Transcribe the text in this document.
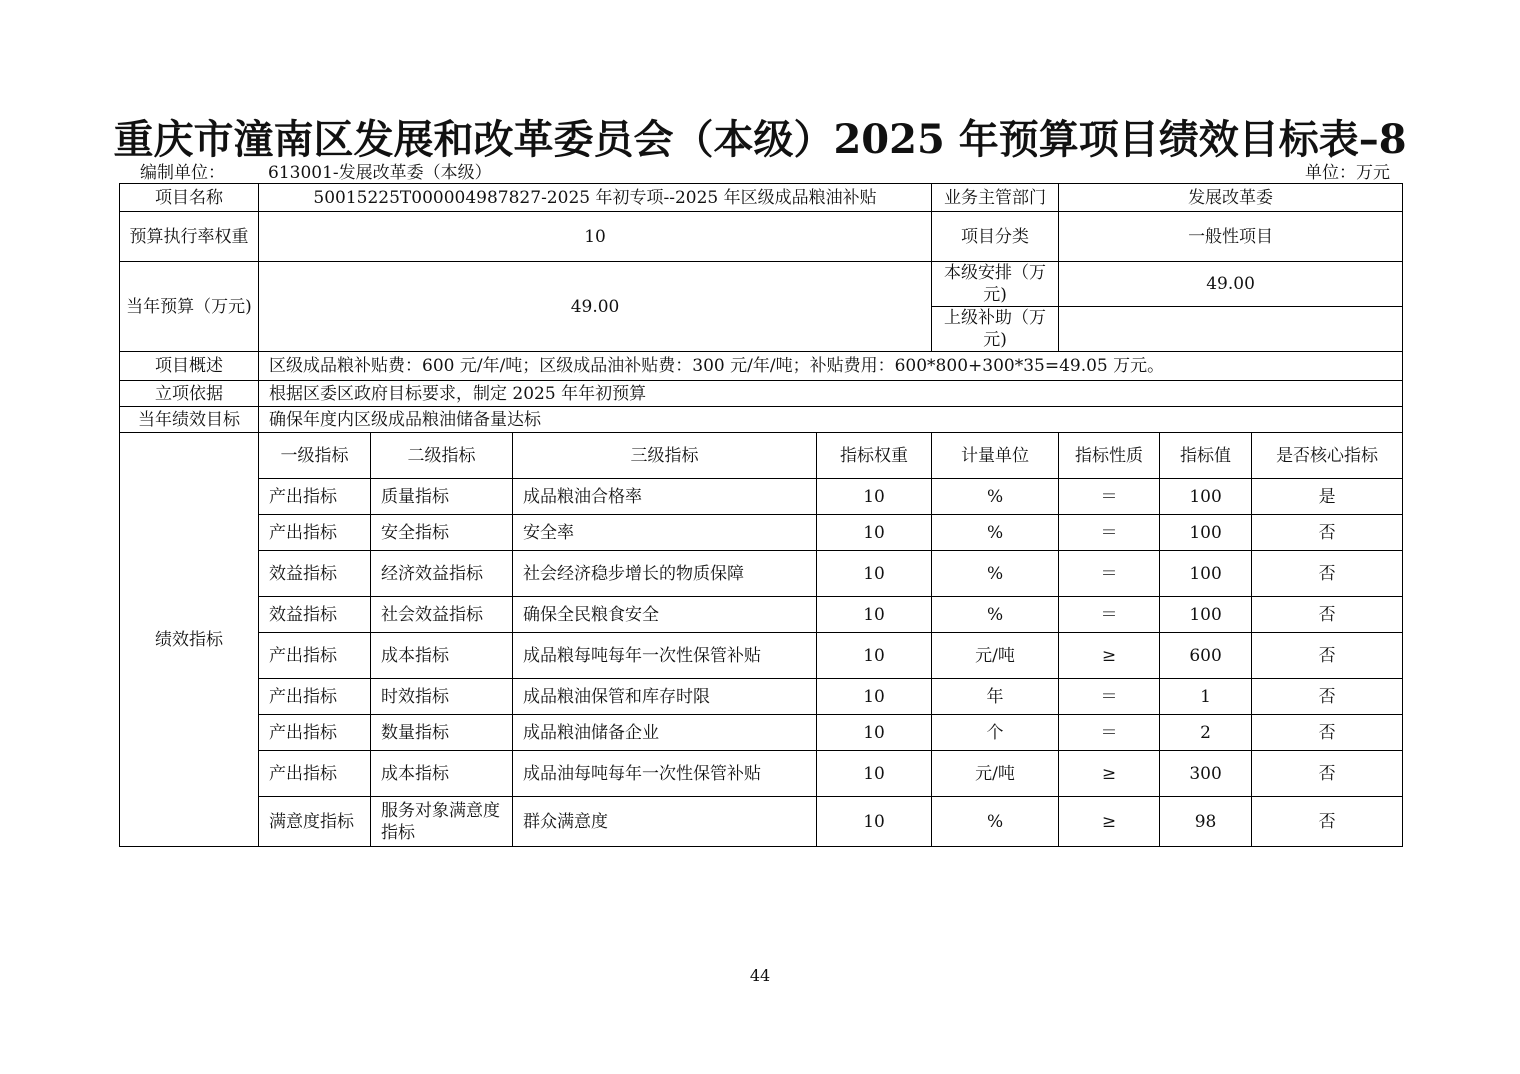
重庆市潼南区发展和改革委员会（本级）2025 年预算项目绩效目标表–8
编制单位：	613001-发展改革委（本级）	单位：万元
项目名称	50015225T000004987827-2025 年初专项--2025 年区级成品粮油补贴				业务主管部门	发展改革委		
预算执行率权重	10				项目分类	一般性项目		
当年预算（万元)	49.00				本级安排（万元)	49.00		
					上级补助（万元)			
项目概述	区级成品粮补贴费：600 元/年/吨；区级成品油补贴费：300 元/年/吨；补贴费用：600*800+300*35=49.05 万元。							
立项依据	根据区委区政府目标要求，制定 2025 年年初预算							
当年绩效目标	确保年度内区级成品粮油储备量达标							
绩效指标	一级指标	二级指标	三级指标	指标权重	计量单位	指标性质	指标值	是否核心指标
	产出指标	质量指标	成品粮油合格率	10	%	＝	100	是
	产出指标	安全指标	安全率	10	%	＝	100	否
	效益指标	经济效益指标	社会经济稳步增长的物质保障	10	%	＝	100	否
	效益指标	社会效益指标	确保全民粮食安全	10	%	＝	100	否
	产出指标	成本指标	成品粮每吨每年一次性保管补贴	10	元/吨	≥	600	否
	产出指标	时效指标	成品粮油保管和库存时限	10	年	＝	1	否
	产出指标	数量指标	成品粮油储备企业	10	个	＝	2	否
	产出指标	成本指标	成品油每吨每年一次性保管补贴	10	元/吨	≥	300	否
	满意度指标	服务对象满意度指标	群众满意度	10	%	≥	98	否
44
